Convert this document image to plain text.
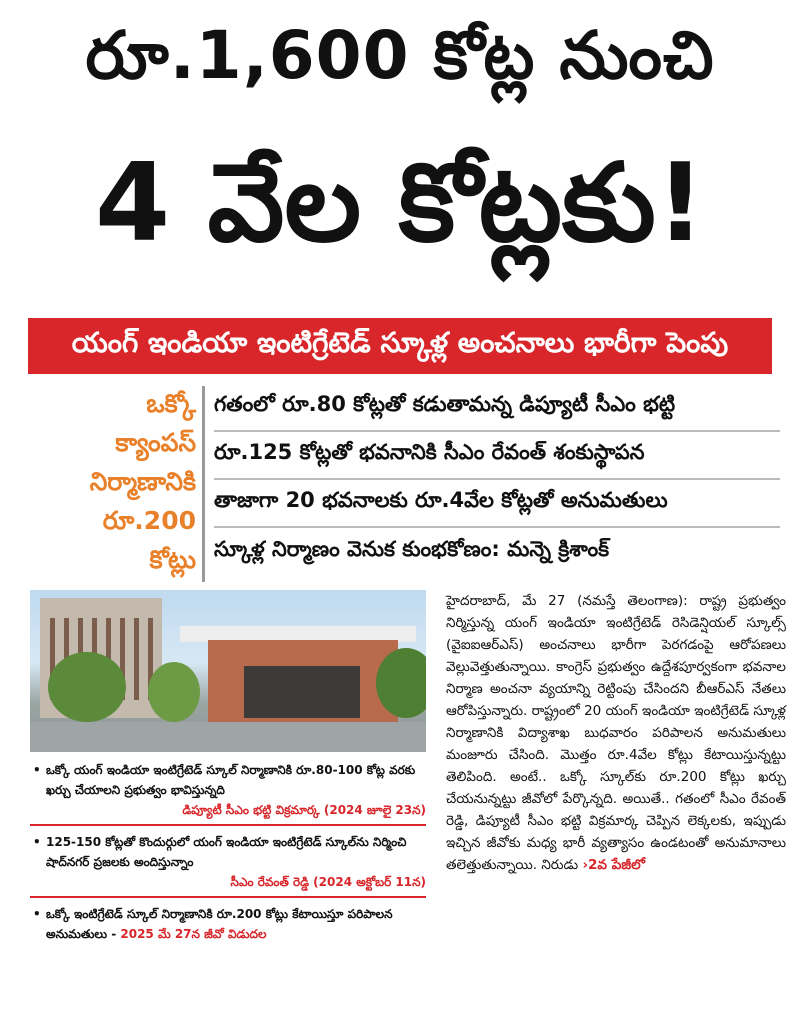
రూ.1,600 కోట్ల నుంచి
4 వేల కోట్లకు!
యంగ్ ఇండియా ఇంటిగ్రేటెడ్ స్కూళ్ల అంచనాలు భారీగా పెంపు
ఒక్కో
క్యాంపస్
నిర్మాణానికి
రూ.200
కోట్లు
గతంలో రూ.80 కోట్లతో కడుతామన్న డిప్యూటీ సీఎం భట్టి
రూ.125 కోట్లతో భవనానికి సీఎం రేవంత్ శంకుస్థాపన
తాజాగా 20 భవనాలకు రూ.4వేల కోట్లతో అనుమతులు
స్కూళ్ల నిర్మాణం వెనుక కుంభకోణం: మన్నె క్రిశాంక్
• ఒక్కో యంగ్ ఇండియా ఇంటిగ్రేటెడ్ స్కూల్ నిర్మాణానికి రూ.80-100 కోట్ల వరకు ఖర్చు చేయాలని ప్రభుత్వం భావిస్తున్నది
డిప్యూటీ సీఎం భట్టి విక్రమార్క (2024 జూలై 23న)
• 125-150 కోట్లతో కొందుర్గులో యంగ్ ఇండియా ఇంటిగ్రేటెడ్ స్కూల్‌ను నిర్మించి షాద్‌నగర్ ప్రజలకు అందిస్తున్నాం
సీఎం రేవంత్ రెడ్డి (2024 అక్టోబర్ 11న)
• ఒక్కో ఇంటిగ్రేటెడ్ స్కూల్ నిర్మాణానికి రూ.200 కోట్లు కేటాయిస్తూ పరిపాలన అనుమతులు - 2025 మే 27న జీవో విడుదల

హైదరాబాద్, మే 27 (నమస్తే తెలంగాణ): రాష్ట్ర ప్రభుత్వం నిర్మిస్తున్న యంగ్ ఇండియా ఇంటిగ్రేటెడ్ రెసిడెన్షియల్ స్కూల్స్ (వైఐఐఆర్ఎస్) అంచనాలు భారీగా పెరగడంపై ఆరోపణలు వెల్లువెత్తుతున్నాయి. కాంగ్రెస్ ప్రభుత్వం ఉద్దేశపూర్వకంగా భవనాల నిర్మాణ అంచనా వ్యయాన్ని రెట్టింపు చేసిందని బీఆర్ఎస్ నేతలు ఆరోపిస్తున్నారు. రాష్ట్రంలో 20 యంగ్ ఇండియా ఇంటిగ్రేటెడ్ స్కూళ్ల నిర్మాణానికి విద్యాశాఖ బుధవారం పరిపాలన అనుమతులు మంజూరు చేసింది. మొత్తం రూ.4వేల కోట్లు కేటాయిస్తున్నట్టు తెలిపింది. అంటే.. ఒక్కో స్కూల్‌కు రూ.200 కోట్లు ఖర్చు చేయనున్నట్టు జీవోలో పేర్కొన్నది. అయితే.. గతంలో సీఎం రేవంత్ రెడ్డి, డిప్యూటీ సీఎం భట్టి విక్రమార్క చెప్పిన లెక్కలకు, ఇప్పుడు ఇచ్చిన జీవోకు మధ్య భారీ వ్యత్యాసం ఉండటంతో అనుమానాలు తలెత్తుతున్నాయి. నిరుడు ›2వ పేజీలో
